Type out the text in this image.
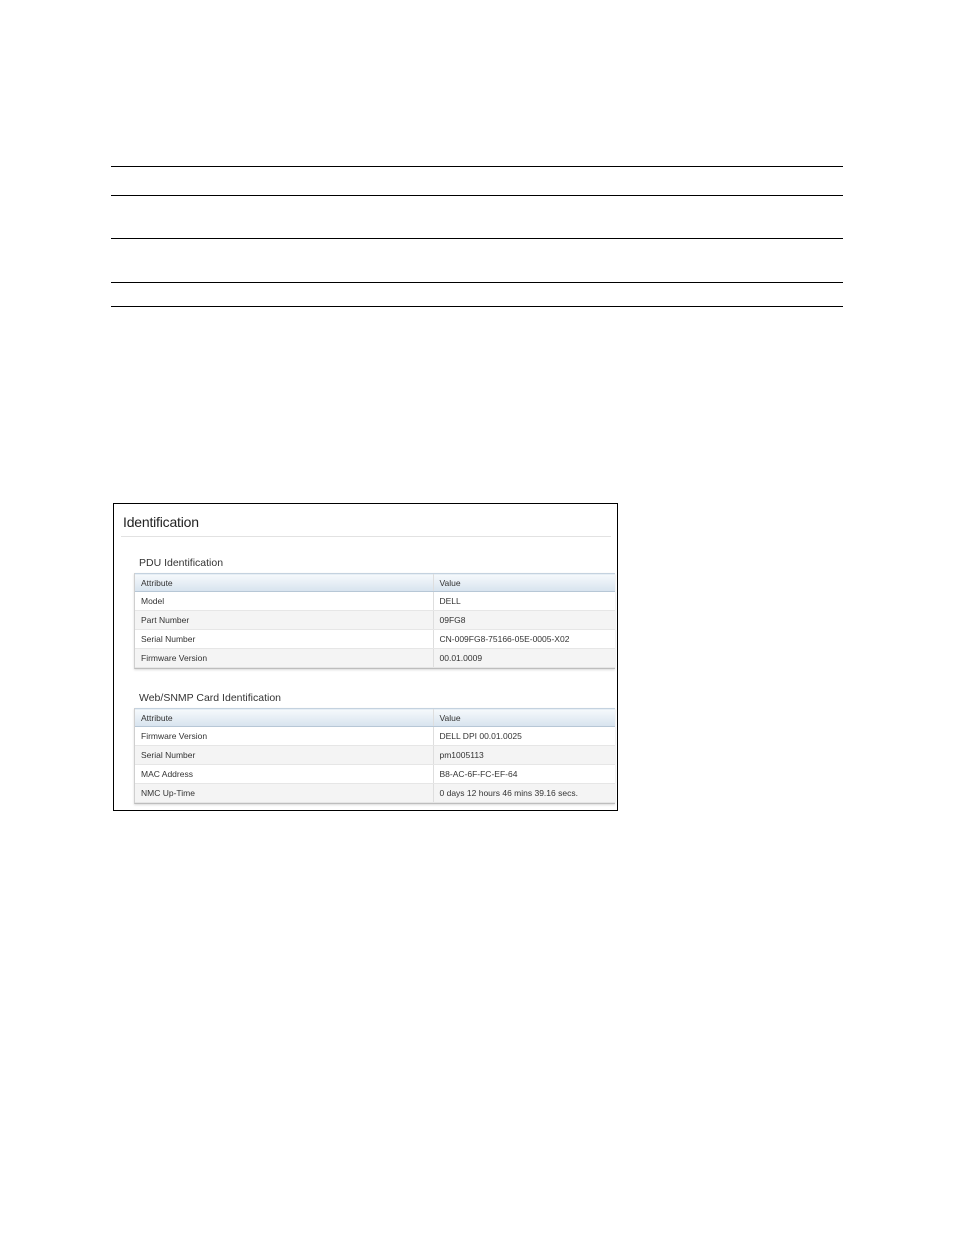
Identification
PDU Identification
Attribute	Value
Model	DELL
Part Number	09FG8
Serial Number	CN-009FG8-75166-05E-0005-X02
Firmware Version	00.01.0009
Web/SNMP Card Identification
Attribute	Value
Firmware Version	DELL DPI 00.01.0025
Serial Number	pm1005113
MAC Address	B8-AC-6F-FC-EF-64
NMC Up-Time	0 days 12 hours 46 mins 39.16 secs.
